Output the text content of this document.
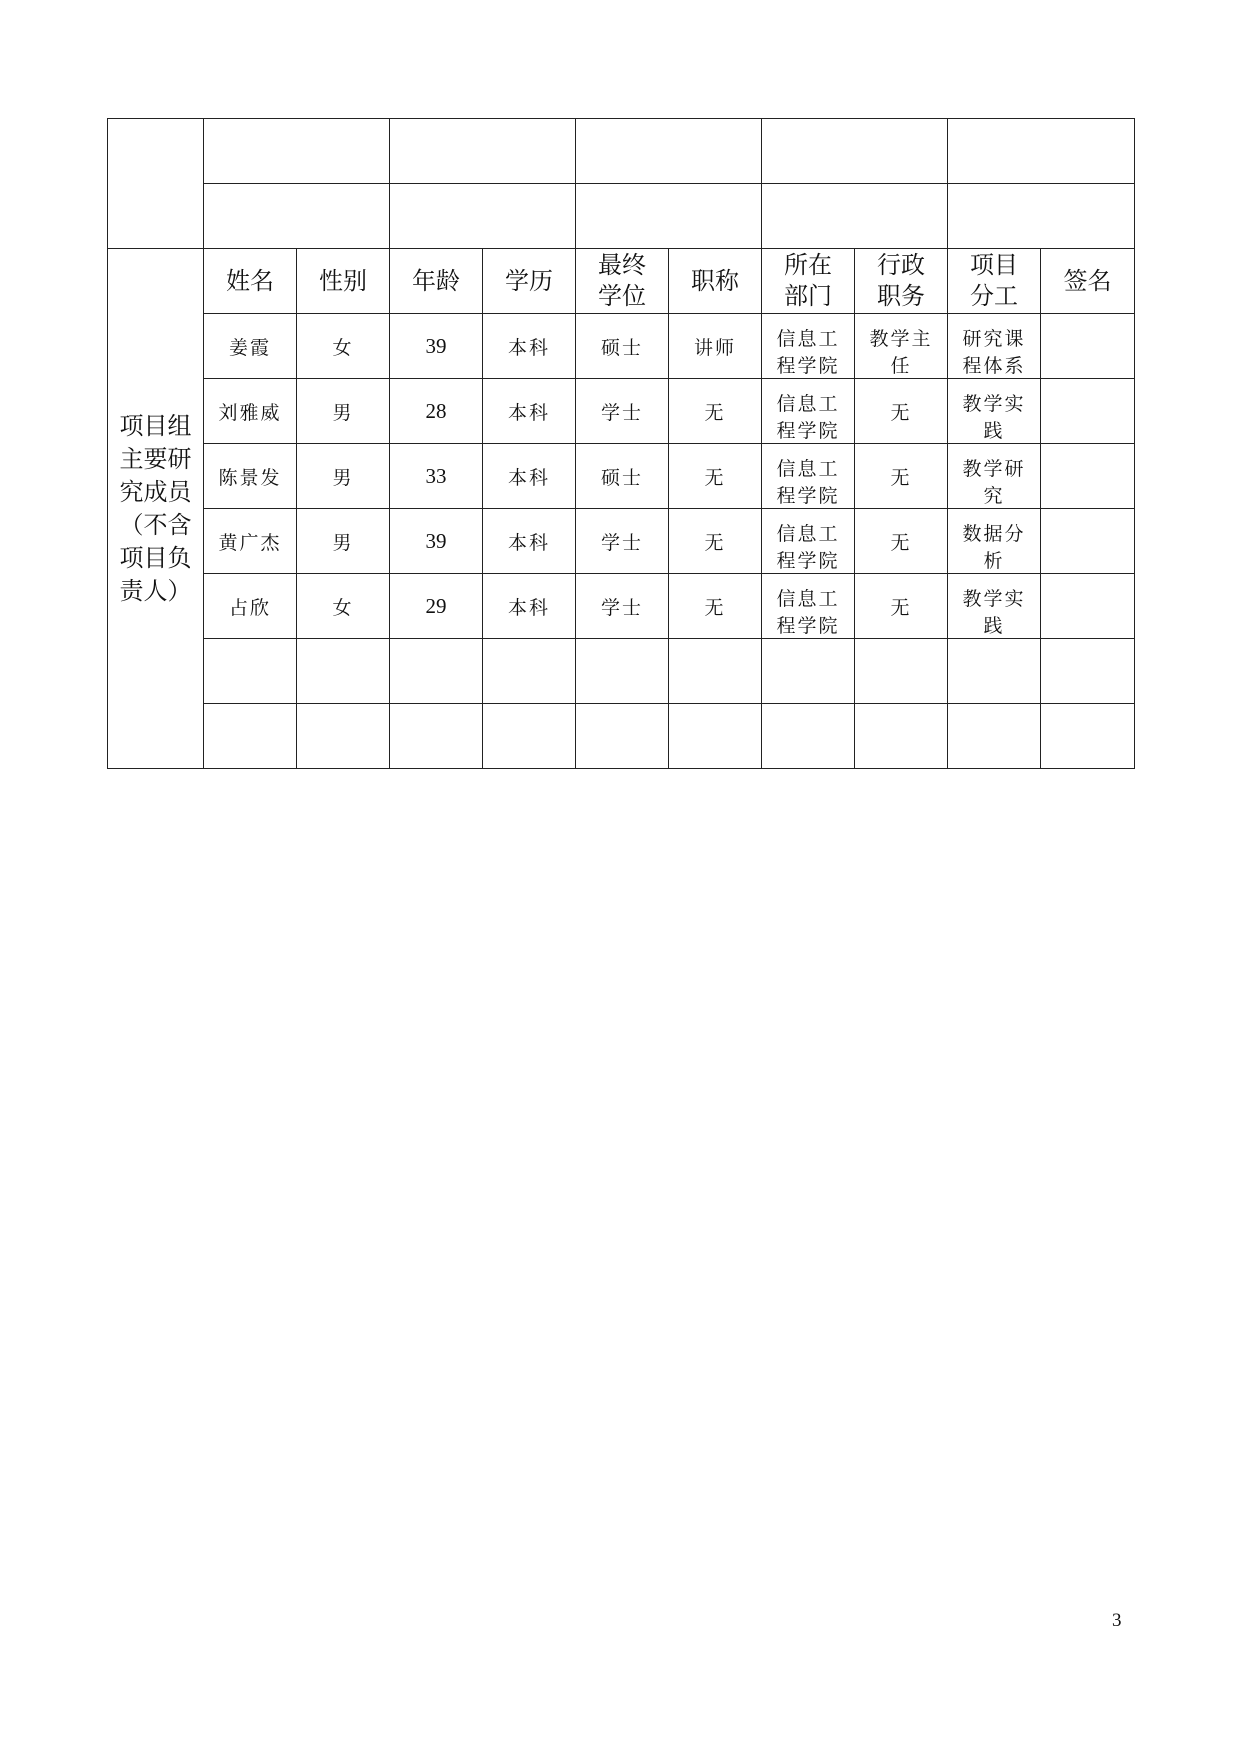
项目组主要研究成员（不含项目负责人）	姓名	性别	年龄	学历	最终学位	职称	所在部门	行政职务	项目分工	签名
	姜霞	女	39	本科	硕士	讲师	信息工程学院	教学主任	研究课程体系	

	刘雅威	男	28	本科	学士	无	信息工程学院	无	教学实践	

	陈景发	男	33	本科	硕士	无	信息工程学院	无	教学研究	

	黄广杰	男	39	本科	学士	无	信息工程学院	无	数据分析	

	占欣	女	29	本科	学士	无	信息工程学院	无	教学实践	

3
